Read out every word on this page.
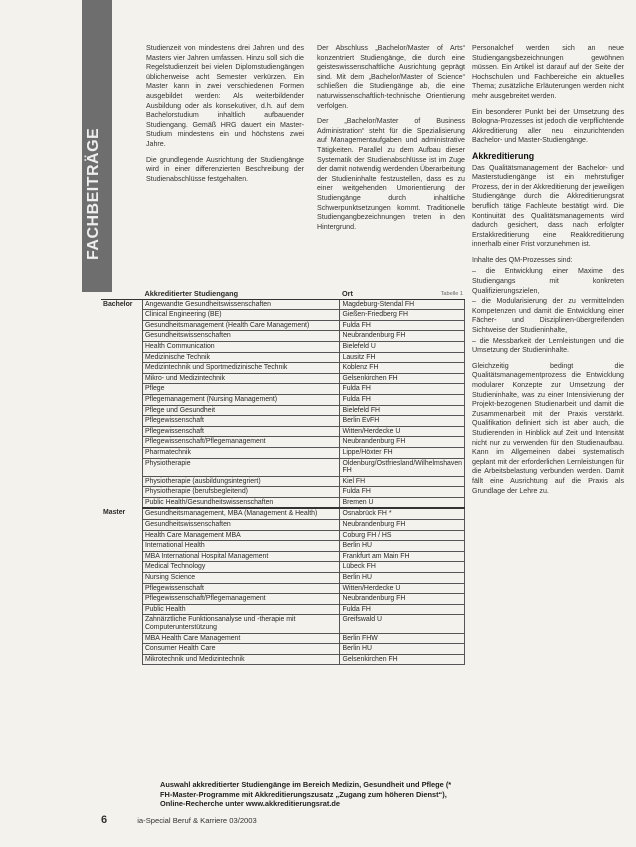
FACHBEITRÄGE

Studienzeit von mindestens drei Jahren und des Masters vier Jahren umfassen. Hinzu soll sich die Regelstudienzeit bei vielen Diplomstudiengängen üblicherweise acht Semester verkürzen. Ein Master kann in zwei verschiedenen Formen ausgebildet werden: Als weiterbildender Ausbildung oder als konsekutiver, d.h. auf dem Bachelorstudium inhaltlich aufbauender Studiengang. Gemäß HRG dauert ein Master-Studium mindestens ein und höchstens zwei Jahre.

Die grundlegende Ausrichtung der Studiengänge wird in einer differenzierten Beschreibung der Studienabschlüsse festgehalten.

Der Abschluss „Bachelor/Master of Arts“ konzentriert Studiengänge, die durch eine geisteswissenschaftliche Ausrichtung geprägt sind. Mit dem „Bachelor/Master of Science“ schließen die Studiengänge ab, die eine naturwissenschaftlich-technische Orientierung verfolgen.

Der „Bachelor/Master of Business Administration“ steht für die Spezialisierung auf Managementaufgaben und administrative Tätigkeiten. Parallel zu dem Aufbau dieser Systematik der Studienabschlüsse ist im Zuge der damit notwendig werdenden Überarbeitung der Studieninhalte festzustellen, dass es zu einer weitgehenden Umorientierung der Studiengänge durch inhaltliche Schwerpunktsetzungen kommt. Traditionelle Studiengangbezeichnungen treten in den Hintergrund.

Personalchef werden sich an neue Studiengangsbezeichnungen gewöhnen müssen. Ein Artikel ist darauf auf der Seite der Hochschulen und Fachbereiche ein aktuelles Thema; zusätzliche Erläuterungen werden nicht mehr ausgebreitet werden.

Ein besonderer Punkt bei der Umsetzung des Bologna-Prozesses ist jedoch die verpflichtende Akkreditierung aller neu einzurichtenden Bachelor- und Master-Studiengänge.

Akkreditierung

Das Qualitätsmanagement der Bachelor- und Masterstudiengänge ist ein mehrstufiger Prozess, der in der Akkreditierung der jeweiligen Studiengänge durch die Akkreditierungsrat beruflich tätige Fachleute bestätigt wird. Die Kontinuität des Qualitätsmanagements wird dadurch gesichert, dass nach erfolgter Erstakkreditierung eine Reakkreditierung innerhalb einer Frist vorzunehmen ist.

Inhalte des QM-Prozesses sind:

– die Entwicklung einer Maxime des Studiengangs mit konkreten Qualifizierungszielen,

– die Modularisierung der zu vermittelnden Kompetenzen und damit die Entwicklung einer Fächer- und Disziplinen-übergreifenden Sichtweise der Studieninhalte,

– die Messbarkeit der Lernleistungen und die Umsetzung der Studieninhalte.

Gleichzeitig bedingt die Qualitätsmanagementprozess die Entwicklung modularer Konzepte zur Umsetzung der Studieninhalte, was zu einer Intensivierung der Projekt-bezogenen Studienarbeit und damit die Zusammenarbeit mit der Praxis verstärkt. Qualifikation definiert sich ist aber auch, die Studierenden in Hinblick auf Zeit und Intensität nicht nur zu verwenden für den Studienaufbau. Kann im Allgemeinen dabei systematisch geplant mit der erforderlichen Lernleistungen für die Arbeitsbelastung verbunden werden. Damit fällt eine Ausrichtung auf die Praxis als Grundlage der Lehre zu.

Tabelle 1
	Akkreditierter Studiengang	Ort
Bachelor	Angewandte Gesundheitswissenschaften	Magdeburg-Stendal FH
	Clinical Engineering (BE)	Gießen-Friedberg FH
	Gesundheitsmanagement (Health Care Management)	Fulda FH
	Gesundheitswissenschaften	Neubrandenburg FH
	Health Communication	Bielefeld U
	Medizinische Technik	Lausitz FH
	Medizintechnik und Sportmedizinische Technik	Koblenz FH
	Mikro- und Medizintechnik	Gelsenkirchen FH
	Pflege	Fulda FH
	Pflegemanagement (Nursing Management)	Fulda FH
	Pflege und Gesundheit	Bielefeld FH
	Pflegewissenschaft	Berlin EvFH
	Pflegewissenschaft	Witten/Herdecke U
	Pflegewissenschaft/Pflegemanagement	Neubrandenburg FH
	Pharmatechnik	Lippe/Höxter FH
	Physiotherapie	Oldenburg/Ostfriesland/Wilhelmshaven FH
	Physiotherapie (ausbildungsintegriert)	Kiel FH
	Physiotherapie (berufsbegleitend)	Fulda FH
	Public Health/Gesundheitswissenschaften	Bremen U
Master	Gesundheitsmanagement, MBA (Management & Health)	Osnabrück FH *
	Gesundheitswissenschaften	Neubrandenburg FH
	Health Care Management MBA	Coburg FH / HS
	International Health	Berlin HU
	MBA International Hospital Management	Frankfurt am Main FH
	Medical Technology	Lübeck FH
	Nursing Science	Berlin HU
	Pflegewissenschaft	Witten/Herdecke U
	Pflegewissenschaft/Pflegemanagement	Neubrandenburg FH
	Public Health	Fulda FH
	Zahnärztliche Funktionsanalyse und -therapie mit Computerunterstützung	Greifswald U
	MBA Health Care Management	Berlin FHW
	Consumer Health Care	Berlin HU
	Mikrotechnik und Medizintechnik	Gelsenkirchen FH
Auswahl akkreditierter Studiengänge im Bereich Medizin, Gesundheit und Pflege (* FH-Master-Programme mit Akkreditierungszusatz „Zugang zum höheren Dienst“), Online-Recherche unter www.akkreditierungsrat.de
6	ia-Special Beruf & Karriere 03/2003
